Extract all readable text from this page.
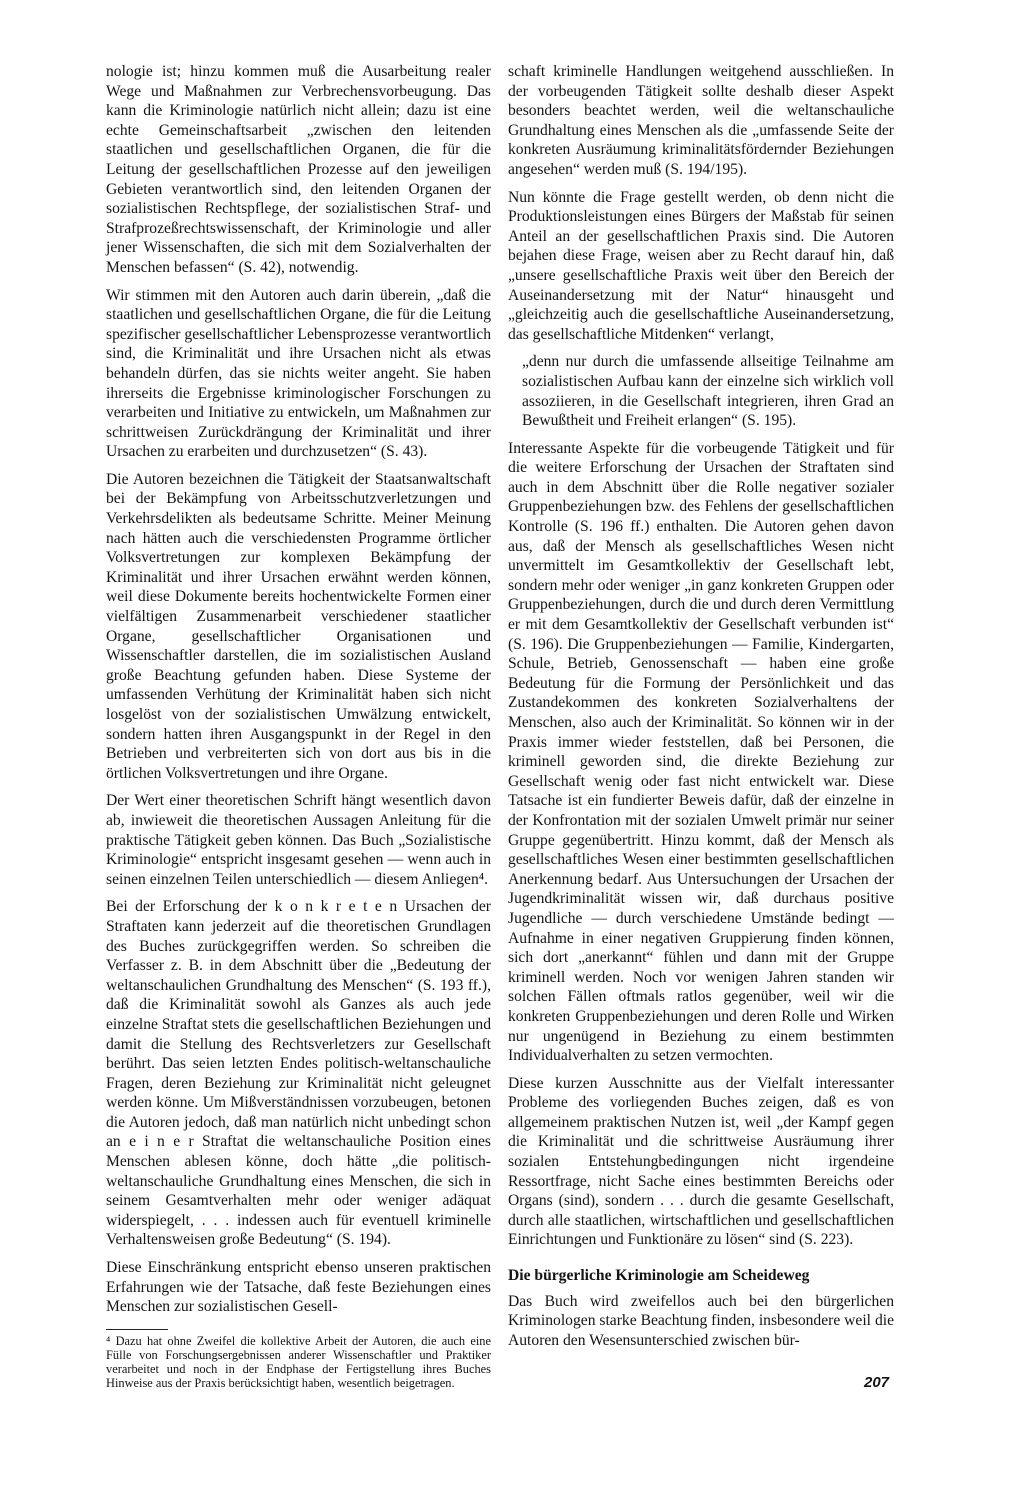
nologie ist; hinzu kommen muß die Ausarbeitung realer Wege und Maßnahmen zur Verbrechensvorbeugung. Das kann die Kriminologie natürlich nicht allein; dazu ist eine echte Gemeinschaftsarbeit „zwischen den leitenden staatlichen und gesellschaftlichen Organen, die für die Leitung der gesellschaftlichen Prozesse auf den jeweiligen Gebieten verantwortlich sind, den leitenden Organen der sozialistischen Rechtspflege, der sozialistischen Straf- und Strafprozeßrechtswissenschaft, der Kriminologie und aller jener Wissenschaften, die sich mit dem Sozialverhalten der Menschen befassen“ (S. 42), notwendig.

Wir stimmen mit den Autoren auch darin überein, „daß die staatlichen und gesellschaftlichen Organe, die für die Leitung spezifischer gesellschaftlicher Lebensprozesse verantwortlich sind, die Kriminalität und ihre Ursachen nicht als etwas behandeln dürfen, das sie nichts weiter angeht. Sie haben ihrerseits die Ergebnisse kriminologischer Forschungen zu verarbeiten und Initiative zu entwickeln, um Maßnahmen zur schrittweisen Zurückdrängung der Kriminalität und ihrer Ursachen zu erarbeiten und durchzusetzen“ (S. 43).

Die Autoren bezeichnen die Tätigkeit der Staatsanwaltschaft bei der Bekämpfung von Arbeitsschutzverletzungen und Verkehrsdelikten als bedeutsame Schritte. Meiner Meinung nach hätten auch die verschiedensten Programme örtlicher Volksvertretungen zur komplexen Bekämpfung der Kriminalität und ihrer Ursachen erwähnt werden können, weil diese Dokumente bereits hochentwickelte Formen einer vielfältigen Zusammenarbeit verschiedener staatlicher Organe, gesellschaftlicher Organisationen und Wissenschaftler darstellen, die im sozialistischen Ausland große Beachtung gefunden haben. Diese Systeme der umfassenden Verhütung der Kriminalität haben sich nicht losgelöst von der sozialistischen Umwälzung entwickelt, sondern hatten ihren Ausgangspunkt in der Regel in den Betrieben und verbreiterten sich von dort aus bis in die örtlichen Volksvertretungen und ihre Organe.

Der Wert einer theoretischen Schrift hängt wesentlich davon ab, inwieweit die theoretischen Aussagen Anleitung für die praktische Tätigkeit geben können. Das Buch „Sozialistische Kriminologie“ entspricht insgesamt gesehen — wenn auch in seinen einzelnen Teilen unterschiedlich — diesem Anliegen⁴.

Bei der Erforschung der k o n k r e t e n Ursachen der Straftaten kann jederzeit auf die theoretischen Grundlagen des Buches zurückgegriffen werden. So schreiben die Verfasser z. B. in dem Abschnitt über die „Bedeutung der weltanschaulichen Grundhaltung des Menschen“ (S. 193 ff.), daß die Kriminalität sowohl als Ganzes als auch jede einzelne Straftat stets die gesellschaftlichen Beziehungen und damit die Stellung des Rechtsverletzers zur Gesellschaft berührt. Das seien letzten Endes politisch-weltanschauliche Fragen, deren Beziehung zur Kriminalität nicht geleugnet werden könne. Um Mißverständnissen vorzubeugen, betonen die Autoren jedoch, daß man natürlich nicht unbedingt schon an e i n e r Straftat die weltanschauliche Position eines Menschen ablesen könne, doch hätte „die politisch-weltanschauliche Grundhaltung eines Menschen, die sich in seinem Gesamtverhalten mehr oder weniger adäquat widerspiegelt, . . . indessen auch für eventuell kriminelle Verhaltensweisen große Bedeutung“ (S. 194).

Diese Einschränkung entspricht ebenso unseren praktischen Erfahrungen wie der Tatsache, daß feste Beziehungen eines Menschen zur sozialistischen Gesell-

⁴ Dazu hat ohne Zweifel die kollektive Arbeit der Autoren, die auch eine Fülle von Forschungsergebnissen anderer Wissenschaftler und Praktiker verarbeitet und noch in der Endphase der Fertigstellung ihres Buches Hinweise aus der Praxis berücksichtigt haben, wesentlich beigetragen.

schaft kriminelle Handlungen weitgehend ausschließen. In der vorbeugenden Tätigkeit sollte deshalb dieser Aspekt besonders beachtet werden, weil die weltanschauliche Grundhaltung eines Menschen als die „umfassende Seite der konkreten Ausräumung kriminalitätsfördernder Beziehungen angesehen“ werden muß (S. 194/195).

Nun könnte die Frage gestellt werden, ob denn nicht die Produktionsleistungen eines Bürgers der Maßstab für seinen Anteil an der gesellschaftlichen Praxis sind. Die Autoren bejahen diese Frage, weisen aber zu Recht darauf hin, daß „unsere gesellschaftliche Praxis weit über den Bereich der Auseinandersetzung mit der Natur“ hinausgeht und „gleichzeitig auch die gesellschaftliche Auseinandersetzung, das gesellschaftliche Mitdenken“ verlangt,

„denn nur durch die umfassende allseitige Teilnahme am sozialistischen Aufbau kann der einzelne sich wirklich voll assoziieren, in die Gesellschaft integrieren, ihren Grad an Bewußtheit und Freiheit erlangen“ (S. 195).

Interessante Aspekte für die vorbeugende Tätigkeit und für die weitere Erforschung der Ursachen der Straftaten sind auch in dem Abschnitt über die Rolle negativer sozialer Gruppenbeziehungen bzw. des Fehlens der gesellschaftlichen Kontrolle (S. 196 ff.) enthalten. Die Autoren gehen davon aus, daß der Mensch als gesellschaftliches Wesen nicht unvermittelt im Gesamtkollektiv der Gesellschaft lebt, sondern mehr oder weniger „in ganz konkreten Gruppen oder Gruppenbeziehungen, durch die und durch deren Vermittlung er mit dem Gesamtkollektiv der Gesellschaft verbunden ist“ (S. 196). Die Gruppenbeziehungen — Familie, Kindergarten, Schule, Betrieb, Genossenschaft — haben eine große Bedeutung für die Formung der Persönlichkeit und das Zustandekommen des konkreten Sozialverhaltens der Menschen, also auch der Kriminalität. So können wir in der Praxis immer wieder feststellen, daß bei Personen, die kriminell geworden sind, die direkte Beziehung zur Gesellschaft wenig oder fast nicht entwickelt war. Diese Tatsache ist ein fundierter Beweis dafür, daß der einzelne in der Konfrontation mit der sozialen Umwelt primär nur seiner Gruppe gegenübertritt. Hinzu kommt, daß der Mensch als gesellschaftliches Wesen einer bestimmten gesellschaftlichen Anerkennung bedarf. Aus Untersuchungen der Ursachen der Jugendkriminalität wissen wir, daß durchaus positive Jugendliche — durch verschiedene Umstände bedingt — Aufnahme in einer negativen Gruppierung finden können, sich dort „anerkannt“ fühlen und dann mit der Gruppe kriminell werden. Noch vor wenigen Jahren standen wir solchen Fällen oftmals ratlos gegenüber, weil wir die konkreten Gruppenbeziehungen und deren Rolle und Wirken nur ungenügend in Beziehung zu einem bestimmten Individualverhalten zu setzen vermochten.

Diese kurzen Ausschnitte aus der Vielfalt interessanter Probleme des vorliegenden Buches zeigen, daß es von allgemeinem praktischen Nutzen ist, weil „der Kampf gegen die Kriminalität und die schrittweise Ausräumung ihrer sozialen Entstehungbedingungen nicht irgendeine Ressortfrage, nicht Sache eines bestimmten Bereichs oder Organs (sind), sondern . . . durch die gesamte Gesellschaft, durch alle staatlichen, wirtschaftlichen und gesellschaftlichen Einrichtungen und Funktionäre zu lösen“ sind (S. 223).

Die bürgerliche Kriminologie am Scheideweg

Das Buch wird zweifellos auch bei den bürgerlichen Kriminologen starke Beachtung finden, insbesondere weil die Autoren den Wesensunterschied zwischen bür-

207
